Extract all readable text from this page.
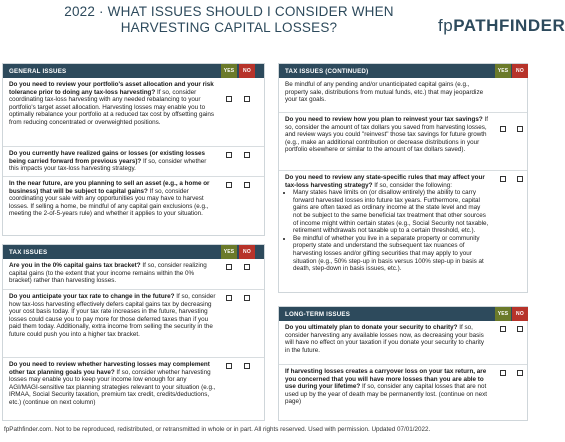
2022 · WHAT ISSUES SHOULD I CONSIDER WHEN HARVESTING CAPITAL LOSSES?	fpPATHFINDER
GENERAL ISSUES	YES	NO
Do you need to review your portfolio's asset allocation and your risk tolerance prior to doing any tax-loss harvesting? If so, consider coordinating tax-loss harvesting with any needed rebalancing to your portfolio's target asset allocation. Harvesting losses may enable you to optimally rebalance your portfolio at a reduced tax cost by offsetting gains from reducing concentrated or overweighted positions.
Do you currently have realized gains or losses (or existing losses being carried forward from previous years)? If so, consider whether this impacts your tax-loss harvesting strategy.
In the near future, are you planning to sell an asset (e.g., a home or business) that will be subject to capital gains? If so, consider coordinating your sale with any opportunities you may have to harvest losses. If selling a home, be mindful of any capital gain exclusions (e.g., meeting the 2-of-5-years rule) and whether it applies to your situation.
TAX ISSUES	YES	NO
Are you in the 0% capital gains tax bracket? If so, consider realizing capital gains (to the extent that your income remains within the 0% bracket) rather than harvesting losses.
Do you anticipate your tax rate to change in the future? If so, consider how tax-loss harvesting effectively defers capital gains tax by decreasing your cost basis today. If your tax rate increases in the future, harvesting losses could cause you to pay more for those deferred taxes than if you paid them today. Additionally, extra income from selling the security in the future could push you into a higher tax bracket.
Do you need to review whether harvesting losses may complement other tax planning goals you have? If so, consider whether harvesting losses may enable you to keep your income low enough for any AGI/MAGI-sensitive tax planning strategies relevant to your situation (e.g., IRMAA, Social Security taxation, premium tax credit, credits/deductions, etc.) (continue on next column)
TAX ISSUES (CONTINUED)	YES	NO
Be mindful of any pending and/or unanticipated capital gains (e.g., property sale, distributions from mutual funds, etc.) that may jeopardize your tax goals.
Do you need to review how you plan to reinvest your tax savings? If so, consider the amount of tax dollars you saved from harvesting losses, and review ways you could "reinvest" those tax savings for future growth (e.g., make an additional contribution or decrease distributions in your portfolio elsewhere or similar to the amount of tax dollars saved).
Do you need to review any state-specific rules that may affect your tax-loss harvesting strategy? If so, consider the following:
• Many states have limits on (or disallow entirely) the ability to carry forward harvested losses into future tax years. Furthermore, capital gains are often taxed as ordinary income at the state level and may not be subject to the same beneficial tax treatment that other sources of income might within certain states (e.g., Social Security not taxable, retirement withdrawals not taxable up to a certain threshold, etc.).
• Be mindful of whether you live in a separate property or community property state and understand the subsequent tax nuances of harvesting losses and/or gifting securities that may apply to your situation (e.g., 50% step-up in basis versus 100% step-up in basis at death, step-down in basis issues, etc.).
LONG-TERM ISSUES	YES	NO
Do you ultimately plan to donate your security to charity? If so, consider harvesting any available losses now, as decreasing your basis will have no effect on your taxation if you donate your security to charity in the future.
If harvesting losses creates a carryover loss on your tax return, are you concerned that you will have more losses than you are able to use during your lifetime? If so, consider any capital losses that are not used up by the year of death may be permanently lost. (continue on next page)
fpPathfinder.com. Not to be reproduced, redistributed, or retransmitted in whole or in part. All rights reserved. Used with permission. Updated 07/01/2022.
